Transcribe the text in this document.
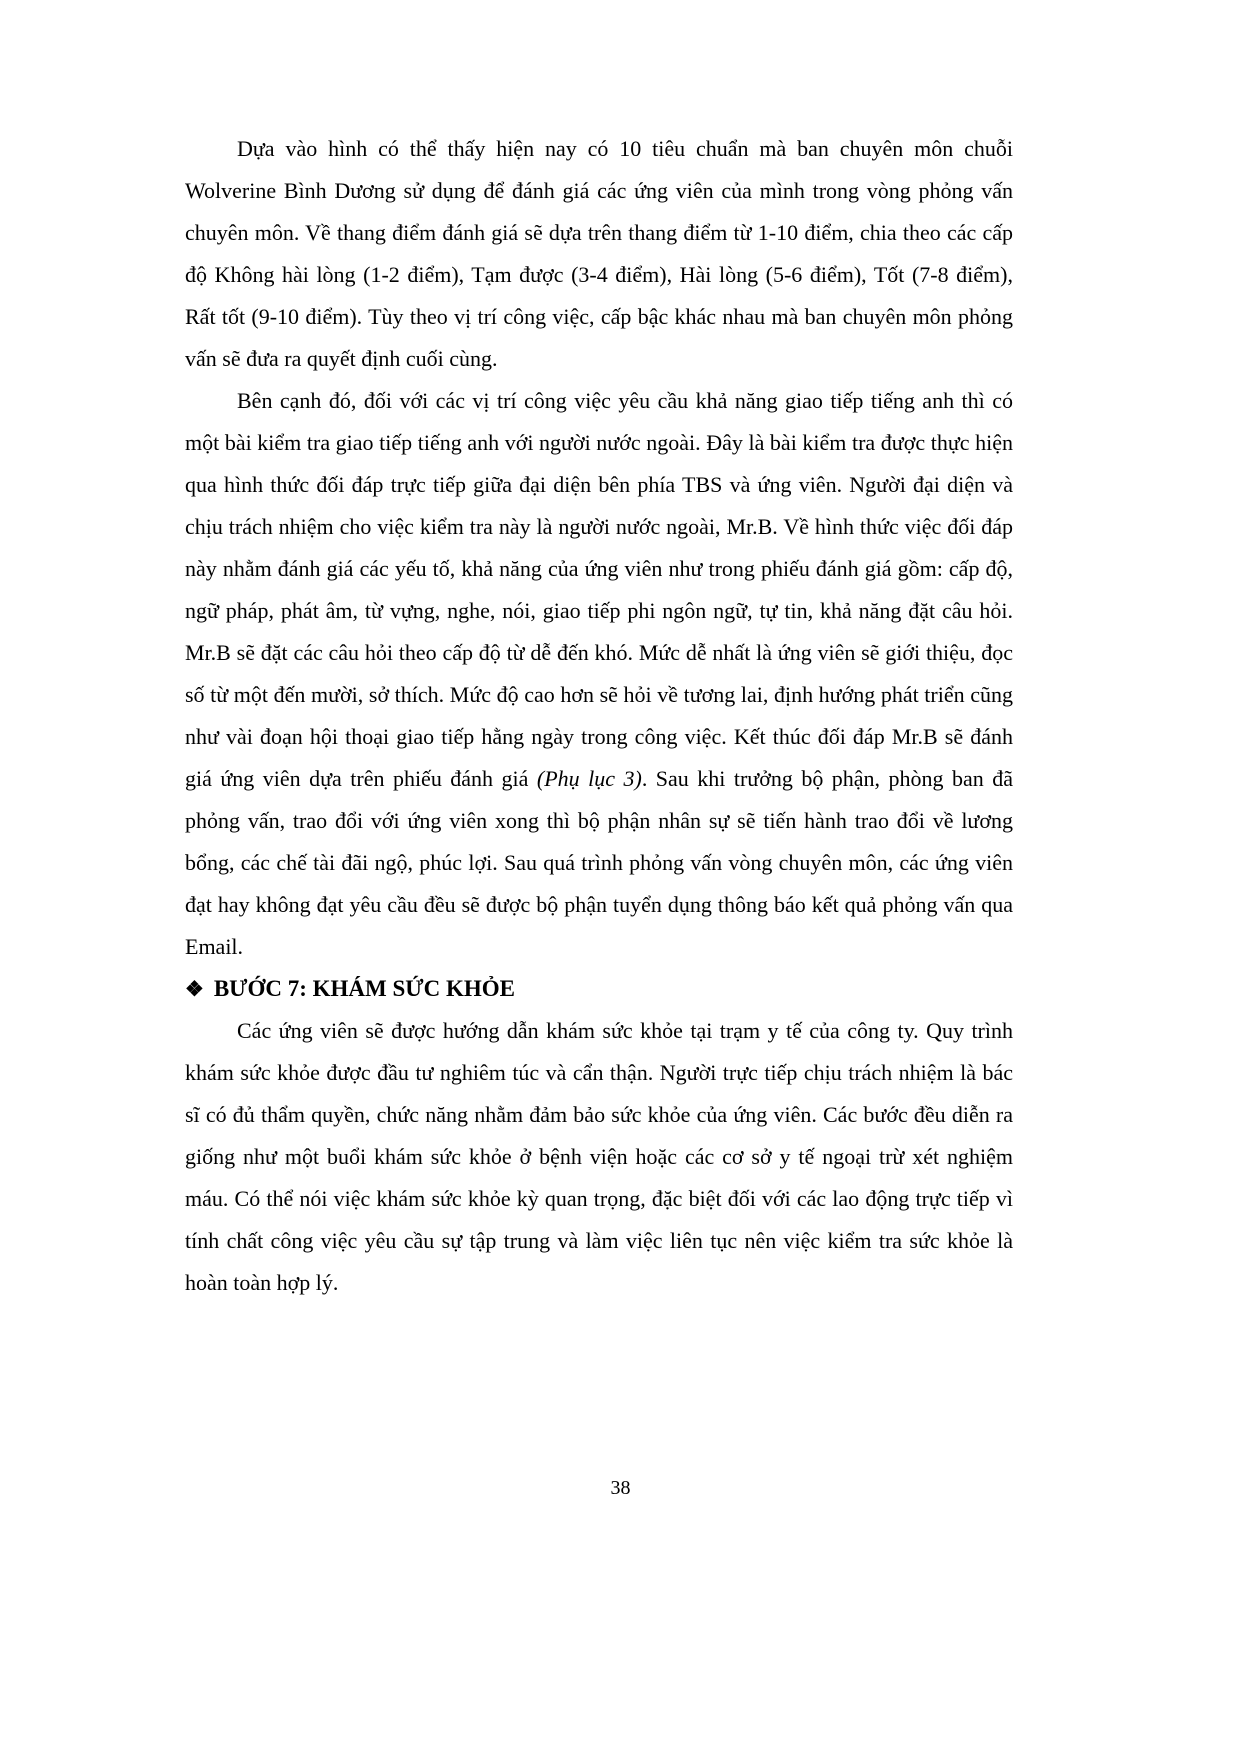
Dựa vào hình có thể thấy hiện nay có 10 tiêu chuẩn mà ban chuyên môn chuỗi Wolverine Bình Dương sử dụng để đánh giá các ứng viên của mình trong vòng phỏng vấn chuyên môn. Về thang điểm đánh giá sẽ dựa trên thang điểm từ 1-10 điểm, chia theo các cấp độ Không hài lòng (1-2 điểm), Tạm được (3-4 điểm), Hài lòng (5-6 điểm), Tốt (7-8 điểm), Rất tốt (9-10 điểm). Tùy theo vị trí công việc, cấp bậc khác nhau mà ban chuyên môn phỏng vấn sẽ đưa ra quyết định cuối cùng.

Bên cạnh đó, đối với các vị trí công việc yêu cầu khả năng giao tiếp tiếng anh thì có một bài kiểm tra giao tiếp tiếng anh với người nước ngoài. Đây là bài kiểm tra được thực hiện qua hình thức đối đáp trực tiếp giữa đại diện bên phía TBS và ứng viên. Người đại diện và chịu trách nhiệm cho việc kiểm tra này là người nước ngoài, Mr.B. Về hình thức việc đối đáp này nhằm đánh giá các yếu tố, khả năng của ứng viên như trong phiếu đánh giá gồm: cấp độ, ngữ pháp, phát âm, từ vựng, nghe, nói, giao tiếp phi ngôn ngữ, tự tin, khả năng đặt câu hỏi. Mr.B sẽ đặt các câu hỏi theo cấp độ từ dễ đến khó. Mức dễ nhất là ứng viên sẽ giới thiệu, đọc số từ một đến mười, sở thích. Mức độ cao hơn sẽ hỏi về tương lai, định hướng phát triển cũng như vài đoạn hội thoại giao tiếp hằng ngày trong công việc. Kết thúc đối đáp Mr.B sẽ đánh giá ứng viên dựa trên phiếu đánh giá (Phụ lục 3). Sau khi trưởng bộ phận, phòng ban đã phỏng vấn, trao đổi với ứng viên xong thì bộ phận nhân sự sẽ tiến hành trao đổi về lương bổng, các chế tài đãi ngộ, phúc lợi. Sau quá trình phỏng vấn vòng chuyên môn, các ứng viên đạt hay không đạt yêu cầu đều sẽ được bộ phận tuyển dụng thông báo kết quả phỏng vấn qua Email.

❖ BƯỚC 7: KHÁM SỨC KHỎE

Các ứng viên sẽ được hướng dẫn khám sức khỏe tại trạm y tế của công ty. Quy trình khám sức khỏe được đầu tư nghiêm túc và cẩn thận. Người trực tiếp chịu trách nhiệm là bác sĩ có đủ thẩm quyền, chức năng nhằm đảm bảo sức khỏe của ứng viên. Các bước đều diễn ra giống như một buổi khám sức khỏe ở bệnh viện hoặc các cơ sở y tế ngoại trừ xét nghiệm máu. Có thể nói việc khám sức khỏe kỳ quan trọng, đặc biệt đối với các lao động trực tiếp vì tính chất công việc yêu cầu sự tập trung và làm việc liên tục nên việc kiểm tra sức khỏe là hoàn toàn hợp lý.

38
